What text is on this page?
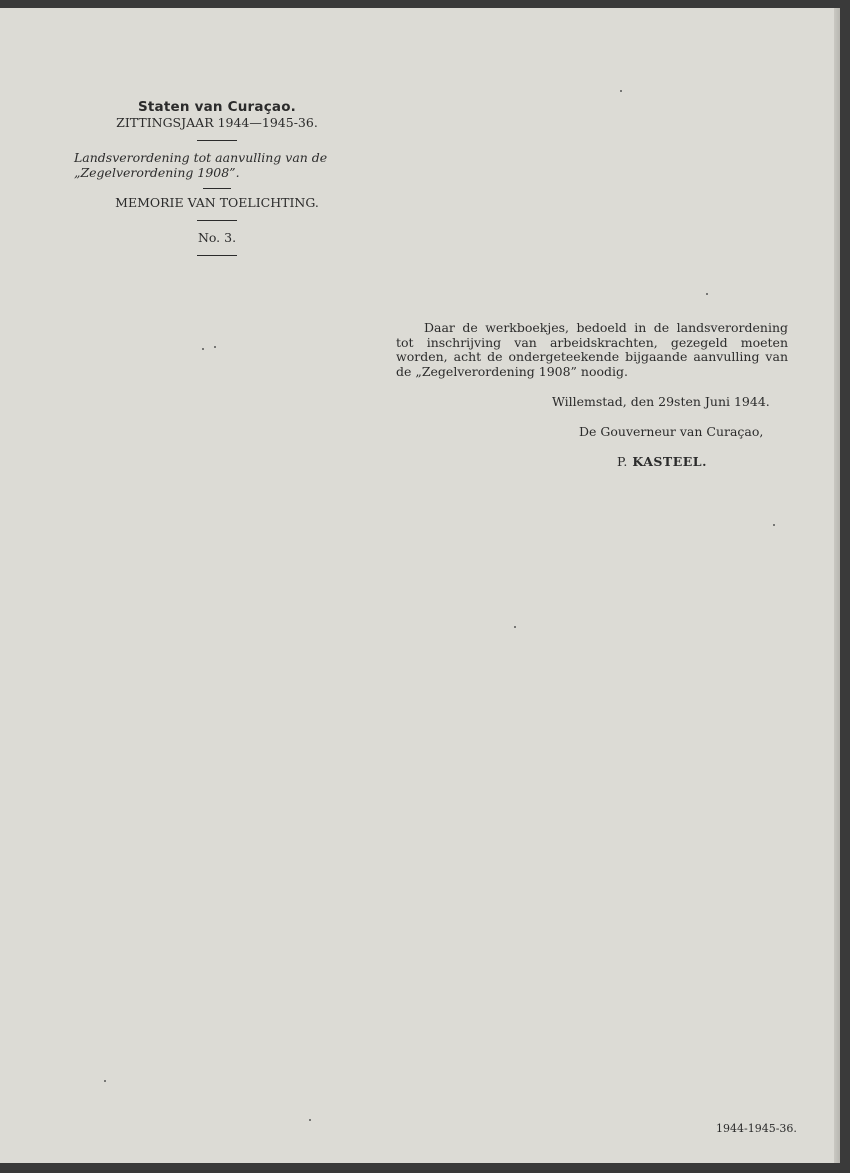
Staten van Curaçao.
ZITTINGSJAAR 1944—1945-36.
Landsverordening tot aanvulling van de „Zegelverordening 1908”.
MEMORIE VAN TOELICHTING.
No. 3.
Daar de werkboekjes, bedoeld in de landsverordening tot inschrijving van arbeidskrachten, gezegeld moeten worden, acht de ondergeteekende bijgaande aanvulling van de „Zegelverordening 1908” noodig.
Willemstad, den 29sten Juni 1944.
De Gouverneur van Curaçao,
P. KASTEEL.
1944-1945-36.
